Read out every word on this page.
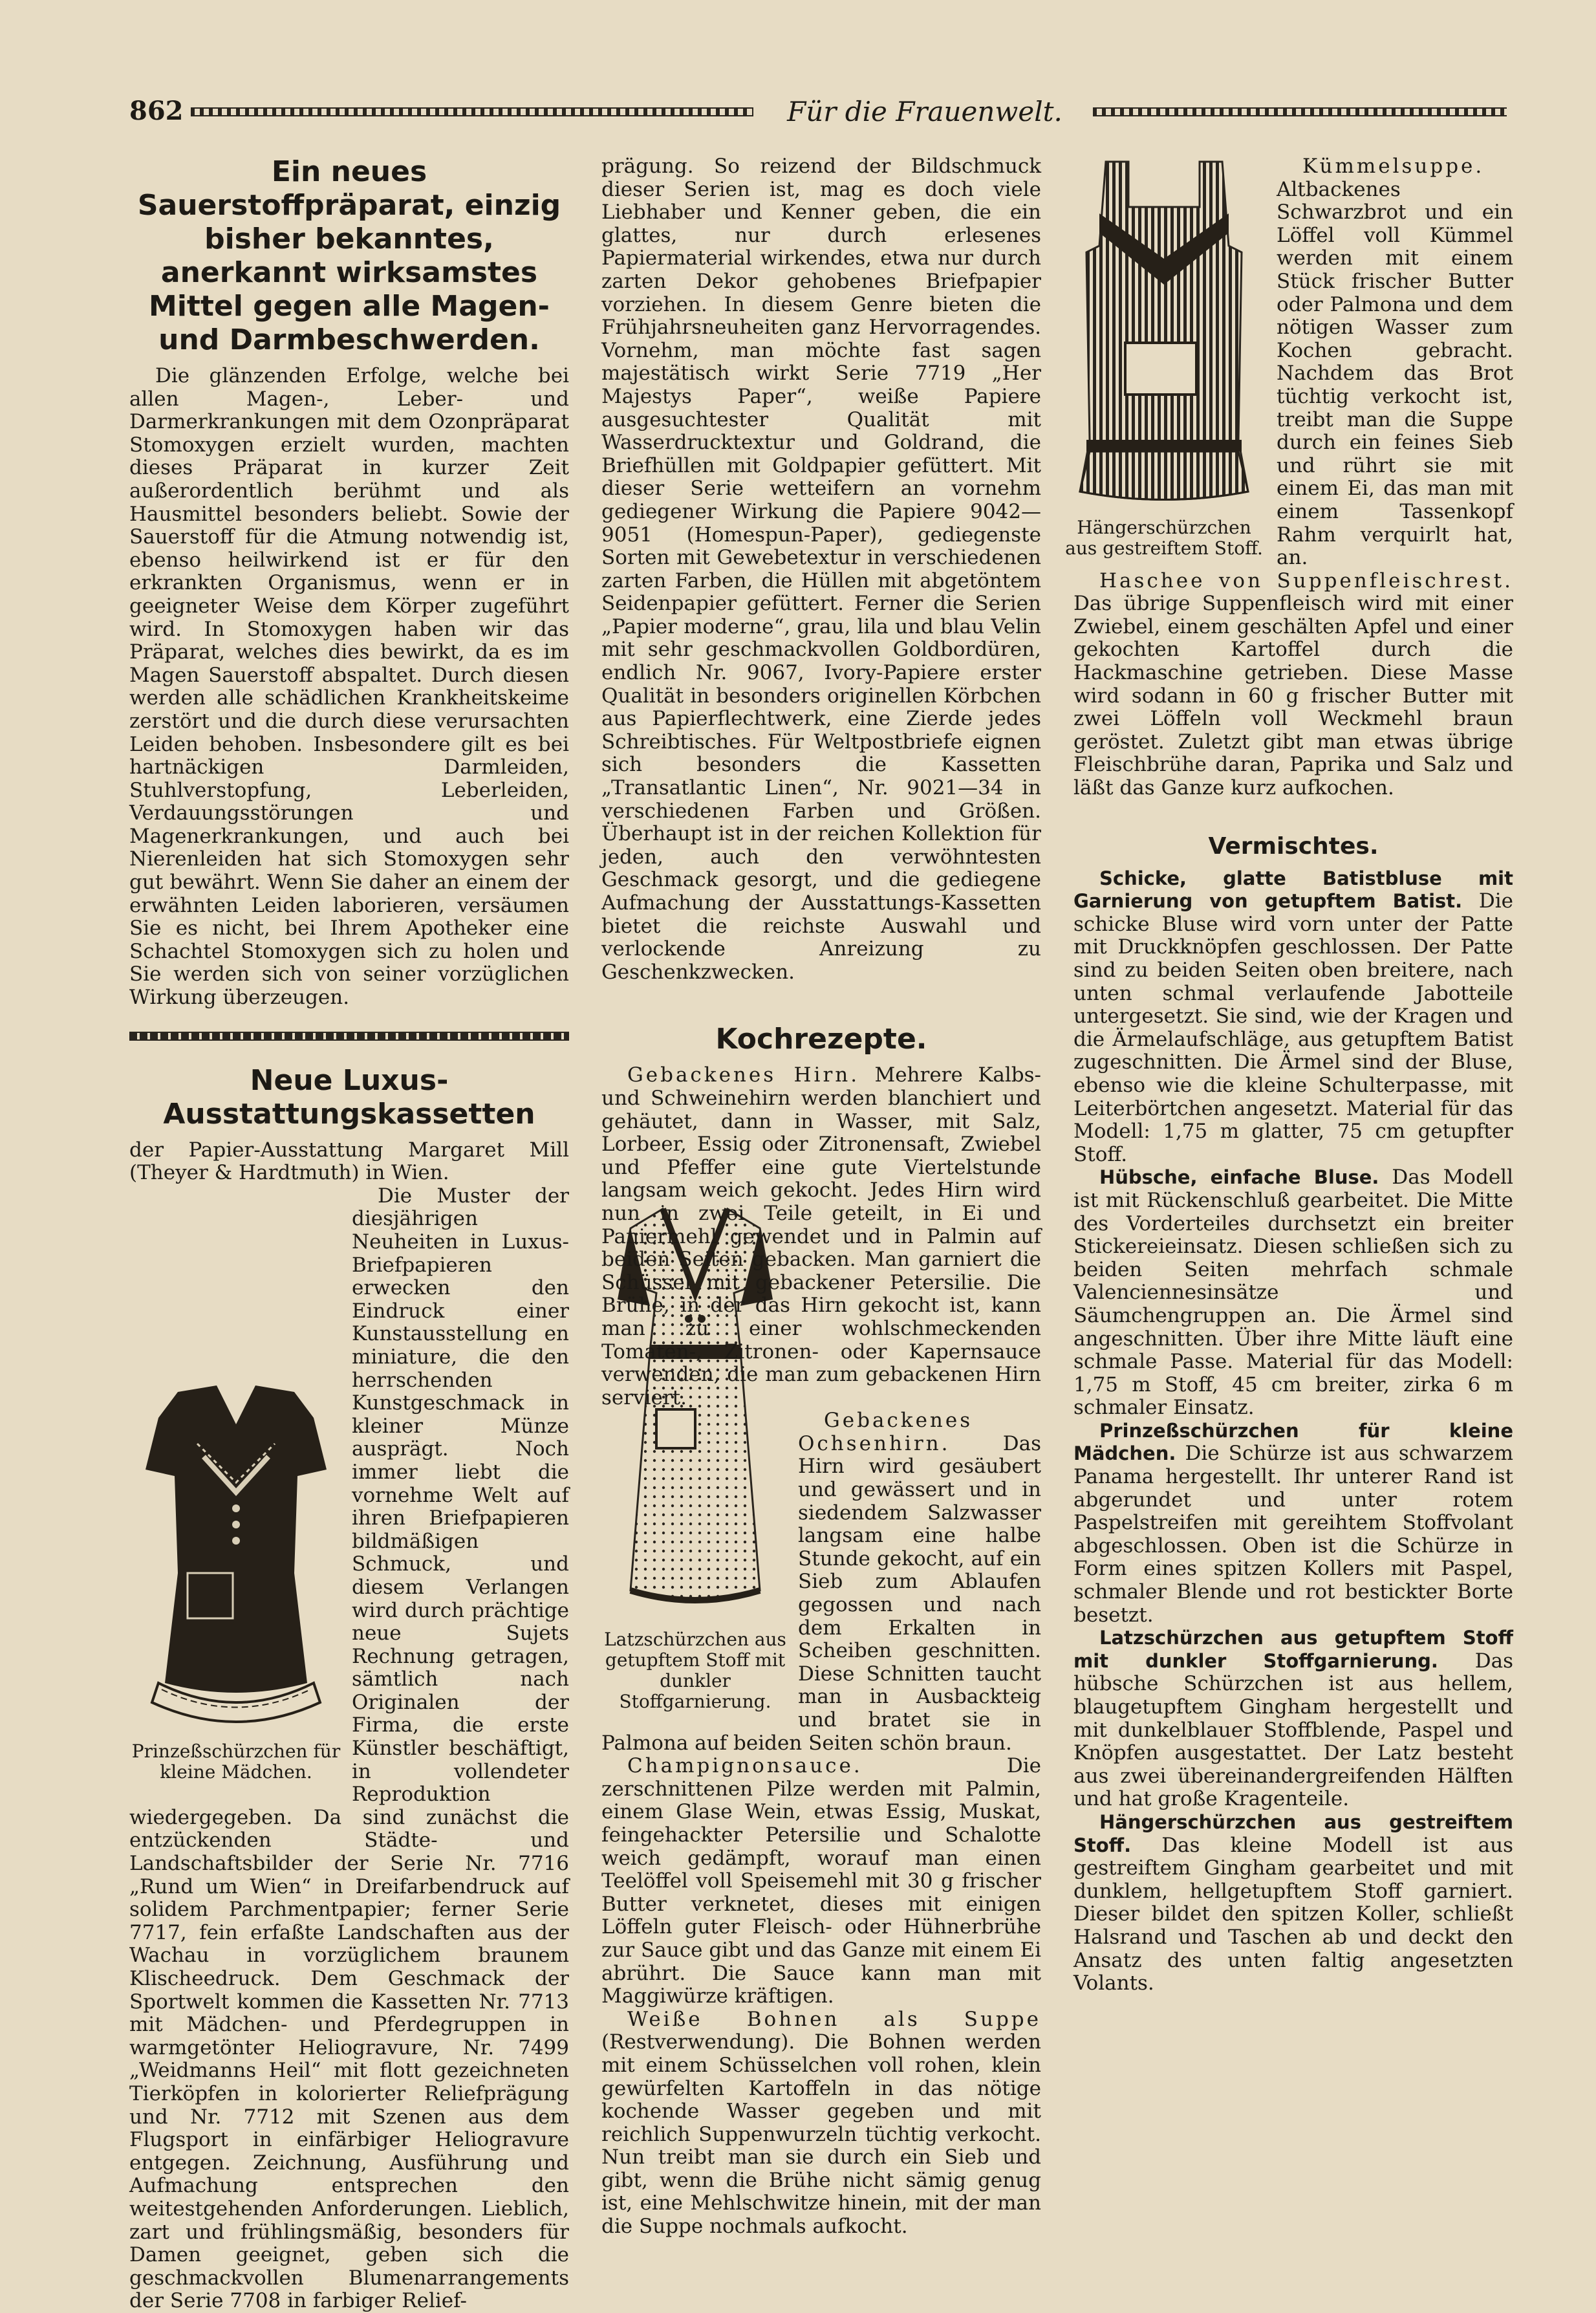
862	Für die Frauenwelt.
Ein neues Sauerstoffpräparat, einzig bisher bekanntes, anerkannt wirksamstes Mittel gegen alle Magen- und Darmbeschwerden.

Die glänzenden Erfolge, welche bei allen Magen-, Leber- und Darmerkrankungen mit dem Ozonpräparat Stomoxygen erzielt wurden, machten dieses Präparat in kurzer Zeit außerordentlich berühmt und als Hausmittel besonders beliebt. Sowie der Sauerstoff für die Atmung notwendig ist, ebenso heilwirkend ist er für den erkrankten Organismus, wenn er in geeigneter Weise dem Körper zugeführt wird. In Stomoxygen haben wir das Präparat, welches dies bewirkt, da es im Magen Sauerstoff abspaltet. Durch diesen werden alle schädlichen Krankheitskeime zerstört und die durch diese verursachten Leiden behoben. Insbesondere gilt es bei hartnäckigen Darmleiden, Stuhlverstopfung, Leberleiden, Verdauungsstörungen und Magenerkrankungen, und auch bei Nierenleiden hat sich Stomoxygen sehr gut bewährt. Wenn Sie daher an einem der erwähnten Leiden laborieren, versäumen Sie es nicht, bei Ihrem Apotheker eine Schachtel Stomoxygen sich zu holen und Sie werden sich von seiner vorzüglichen Wirkung überzeugen.

Neue Luxus-Ausstattungskassetten

der Papier-Ausstattung Margaret Mill (Theyer & Hardtmuth) in Wien.

Prinzeßschürzchen für kleine Mädchen.

Die Muster der diesjährigen Neuheiten in Luxus-Briefpapieren erwecken den Eindruck einer Kunstausstellung en miniature, die den herrschenden Kunstgeschmack in kleiner Münze ausprägt. Noch immer liebt die vornehme Welt auf ihren Briefpapieren bildmäßigen Schmuck, und diesem Verlangen wird durch prächtige neue Sujets Rechnung getragen, sämtlich nach Originalen der Firma, die erste Künstler beschäftigt, in vollendeter Reproduktion wiedergegeben. Da sind zunächst die entzückenden Städte- und Landschaftsbilder der Serie Nr. 7716 „Rund um Wien“ in Dreifarbendruck auf solidem Parchmentpapier; ferner Serie 7717, fein erfaßte Landschaften aus der Wachau in vorzüglichem braunem Klischeedruck. Dem Geschmack der Sportwelt kommen die Kassetten Nr. 7713 mit Mädchen- und Pferdegruppen in warmgetönter Heliogravure, Nr. 7499 „Weidmanns Heil“ mit flott gezeichneten Tierköpfen in kolorierter Reliefprägung und Nr. 7712 mit Szenen aus dem Flugsport in einfärbiger Heliogravure entgegen. Zeichnung, Ausführung und Aufmachung entsprechen den weitestgehenden Anforderungen. Lieblich, zart und frühlingsmäßig, besonders für Damen geeignet, geben sich die geschmackvollen Blumenarrangements der Serie 7708 in farbiger Relief-

prägung. So reizend der Bildschmuck dieser Serien ist, mag es doch viele Liebhaber und Kenner geben, die ein glattes, nur durch erlesenes Papiermaterial wirkendes, etwa nur durch zarten Dekor gehobenes Briefpapier vorziehen. In diesem Genre bieten die Frühjahrsneuheiten ganz Hervorragendes. Vornehm, man möchte fast sagen majestätisch wirkt Serie 7719 „Her Majestys Paper“, weiße Papiere ausgesuchtester Qualität mit Wasserdrucktextur und Goldrand, die Briefhüllen mit Goldpapier gefüttert. Mit dieser Serie wetteifern an vornehm gediegener Wirkung die Papiere 9042—9051 (Homespun-Paper), gediegenste Sorten mit Gewebetextur in verschiedenen zarten Farben, die Hüllen mit abgetöntem Seidenpapier gefüttert. Ferner die Serien „Papier moderne“, grau, lila und blau Velin mit sehr geschmackvollen Goldbordüren, endlich Nr. 9067, Ivory-Papiere erster Qualität in besonders originellen Körbchen aus Papierflechtwerk, eine Zierde jedes Schreibtisches. Für Weltpostbriefe eignen sich besonders die Kassetten „Transatlantic Linen“, Nr. 9021—34 in verschiedenen Farben und Größen. Überhaupt ist in der reichen Kollektion für jeden, auch den verwöhntesten Geschmack gesorgt, und die gediegene Aufmachung der Ausstattungs-Kassetten bietet die reichste Auswahl und verlockende Anreizung zu Geschenkzwecken.

Kochrezepte.

Gebackenes Hirn. Mehrere Kalbs- und Schweinehirn werden blanchiert und gehäutet, dann in Wasser, mit Salz, Lorbeer, Essig oder Zitronensaft, Zwiebel und Pfeffer eine gute Viertelstunde langsam weich gekocht. Jedes Hirn wird nun in zwei Teile geteilt, in Ei und Paniermehl gewendet und in Palmin auf beiden Seiten gebacken. Man garniert die Schüssel mit gebackener Petersilie. Die Brühe, in der das Hirn gekocht ist, kann man zu einer wohlschmeckenden Tomaten-, Zitronen- oder Kapernsauce verwenden, die man zum gebackenen Hirn serviert.

Latzschürzchen aus getupftem Stoff mit dunkler Stoffgarnierung.

Gebackenes Ochsenhirn.	Das Hirn wird gesäubert und gewässert und in siedendem Salzwasser langsam eine halbe Stunde gekocht, auf ein Sieb zum Ablaufen gegossen und nach dem Erkalten in Scheiben geschnitten. Diese Schnitten taucht man in Ausbackteig und bratet sie in Palmona auf beiden Seiten schön braun.

Champignonsauce.	Die zerschnittenen Pilze werden mit Palmin, einem Glase Wein, etwas Essig, Muskat, feingehackter Petersilie und Schalotte weich gedämpft, worauf man einen Teelöffel voll Speisemehl mit 30 g frischer Butter verknetet, dieses mit einigen Löffeln guter Fleisch- oder Hühnerbrühe zur Sauce gibt und das Ganze mit einem Ei abrührt. Die Sauce kann man mit Maggiwürze kräftigen.

Weiße Bohnen als Suppe (Restverwendung). Die Bohnen werden mit einem Schüsselchen voll rohen, klein gewürfelten Kartoffeln in das nötige kochende Wasser gegeben und mit reichlich Suppenwurzeln tüchtig verkocht. Nun treibt man sie durch ein Sieb und gibt, wenn die Brühe nicht sämig genug ist, eine Mehlschwitze hinein, mit der man die Suppe nochmals aufkocht.

Hängerschürzchen aus gestreiftem Stoff.

Kümmelsuppe. Altbackenes Schwarzbrot und ein Löffel voll Kümmel werden mit einem Stück frischer Butter oder Palmona und dem nötigen Wasser zum Kochen gebracht. Nachdem das Brot tüchtig verkocht ist, treibt man die Suppe durch ein feines Sieb und rührt sie mit einem Ei, das man mit einem Tassenkopf Rahm verquirlt hat, an.

Haschee von Suppenfleischrest. Das übrige Suppenfleisch wird mit einer Zwiebel, einem geschälten Apfel und einer gekochten Kartoffel durch die Hackmaschine getrieben. Diese Masse wird sodann in 60 g frischer Butter mit zwei Löffeln voll Weckmehl braun geröstet. Zuletzt gibt man etwas übrige Fleischbrühe daran, Paprika und Salz und läßt das Ganze kurz aufkochen.

Vermischtes.

Schicke, glatte Batistbluse mit Garnierung von getupftem Batist. Die schicke Bluse wird vorn unter der Patte mit Druckknöpfen geschlossen. Der Patte sind zu beiden Seiten oben breitere, nach unten schmal verlaufende Jabotteile untergesetzt. Sie sind, wie der Kragen und die Ärmelaufschläge, aus getupftem Batist zugeschnitten. Die Ärmel sind der Bluse, ebenso wie die kleine Schulterpasse, mit Leiterbörtchen angesetzt. Material für das Modell: 1,75 m glatter, 75 cm getupfter Stoff.

Hübsche, einfache Bluse. Das Modell ist mit Rückenschluß gearbeitet. Die Mitte des Vorderteiles durchsetzt ein breiter Stickereieinsatz. Diesen schließen sich zu beiden Seiten mehrfach schmale Valenciennesinsätze und Säumchengruppen an. Die Ärmel sind angeschnitten. Über ihre Mitte läuft eine schmale Passe. Material für das Modell: 1,75 m Stoff, 45 cm breiter, zirka 6 m schmaler Einsatz.

Prinzeßschürzchen für kleine Mädchen. Die Schürze ist aus schwarzem Panama hergestellt. Ihr unterer Rand ist abgerundet und unter rotem Paspelstreifen mit gereihtem Stoffvolant abgeschlossen. Oben ist die Schürze in Form eines spitzen Kollers mit Paspel, schmaler Blende und rot bestickter Borte besetzt.

Latzschürzchen aus getupftem Stoff mit dunkler Stoffgarnierung. Das hübsche Schürzchen ist aus hellem, blaugetupftem Gingham hergestellt und mit dunkelblauer Stoffblende, Paspel und Knöpfen ausgestattet. Der Latz besteht aus zwei übereinandergreifenden Hälften und hat große Kragenteile.

Hängerschürzchen aus gestreiftem Stoff. Das kleine Modell ist aus gestreiftem Gingham gearbeitet und mit dunklem, hellgetupftem Stoff garniert. Dieser bildet den spitzen Koller, schließt Halsrand und Taschen ab und deckt den Ansatz des unten faltig angesetzten Volants.
